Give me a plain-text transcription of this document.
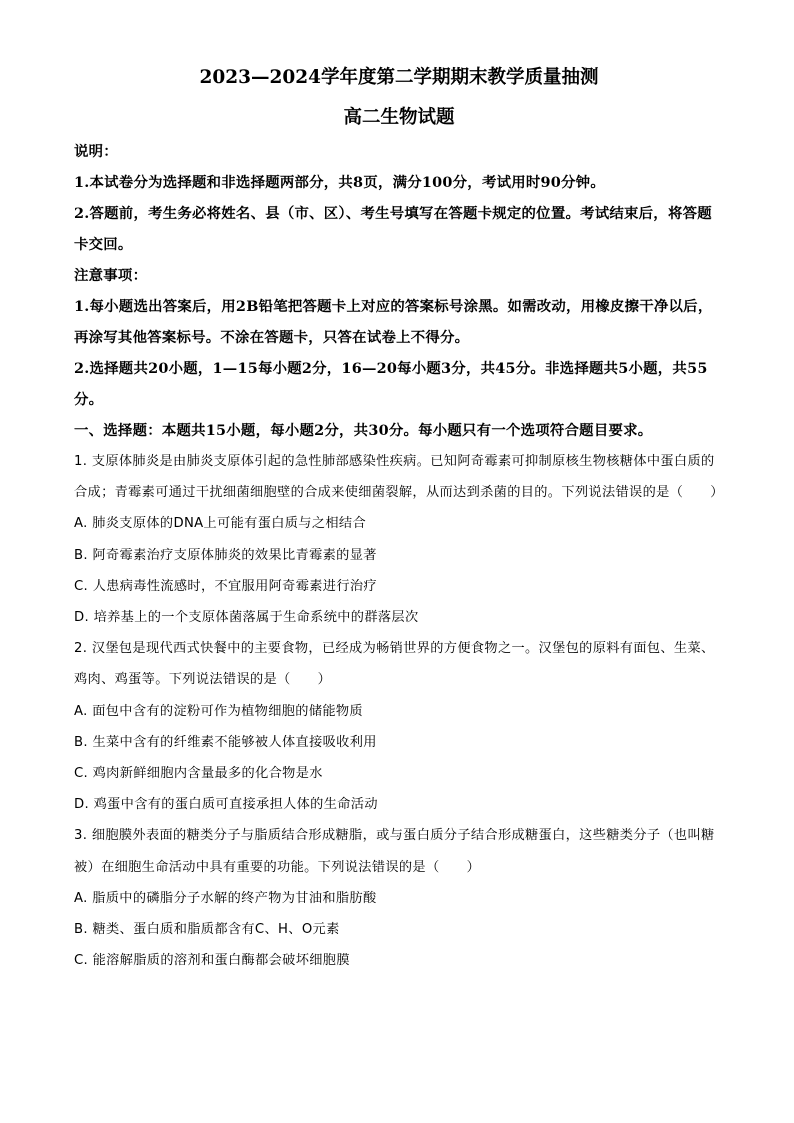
2023—2024学年度第二学期期末教学质量抽测
高二生物试题
说明：
1.本试卷分为选择题和非选择题两部分，共8页，满分100分，考试用时90分钟。
2.答题前，考生务必将姓名、县（市、区）、考生号填写在答题卡规定的位置。考试结束后，将答题卡交回。
注意事项：
1.每小题选出答案后，用2B铅笔把答题卡上对应的答案标号涂黑。如需改动，用橡皮擦干净以后，再涂写其他答案标号。不涂在答题卡，只答在试卷上不得分。
2.选择题共20小题，1—15每小题2分，16—20每小题3分，共45分。非选择题共5小题，共55分。
一、选择题：本题共15小题，每小题2分，共30分。每小题只有一个选项符合题目要求。
1. 支原体肺炎是由肺炎支原体引起的急性肺部感染性疾病。已知阿奇霉素可抑制原核生物核糖体中蛋白质的合成；青霉素可通过干扰细菌细胞壁的合成来使细菌裂解，从而达到杀菌的目的。下列说法错误的是（　　）
A. 肺炎支原体的DNA上可能有蛋白质与之相结合
B. 阿奇霉素治疗支原体肺炎的效果比青霉素的显著
C. 人患病毒性流感时，不宜服用阿奇霉素进行治疗
D. 培养基上的一个支原体菌落属于生命系统中的群落层次
2. 汉堡包是现代西式快餐中的主要食物，已经成为畅销世界的方便食物之一。汉堡包的原料有面包、生菜、鸡肉、鸡蛋等。下列说法错误的是（　　）
A. 面包中含有的淀粉可作为植物细胞的储能物质
B. 生菜中含有的纤维素不能够被人体直接吸收利用
C. 鸡肉新鲜细胞内含量最多的化合物是水
D. 鸡蛋中含有的蛋白质可直接承担人体的生命活动
3. 细胞膜外表面的糖类分子与脂质结合形成糖脂，或与蛋白质分子结合形成糖蛋白，这些糖类分子（也叫糖被）在细胞生命活动中具有重要的功能。下列说法错误的是（　　）
A. 脂质中的磷脂分子水解的终产物为甘油和脂肪酸
B. 糖类、蛋白质和脂质都含有C、H、O元素
C. 能溶解脂质的溶剂和蛋白酶都会破坏细胞膜
